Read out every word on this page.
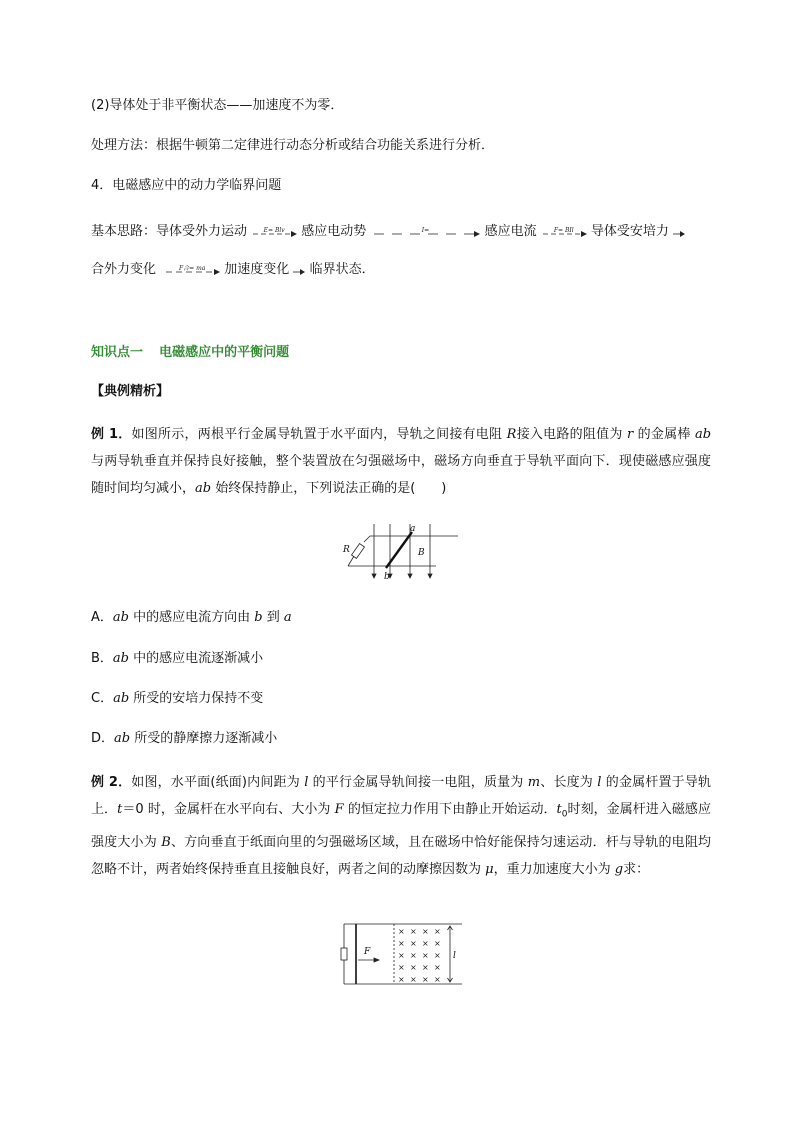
(2)导体处于非平衡状态——加速度不为零．
处理方法：根据牛顿第二定律进行动态分析或结合功能关系进行分析．
4．电磁感应中的动力学临界问题
基本思路：导体受外力运动	E= Blv	感应电动势	I=	感应电流	F= BIl	导体受安培力
合外力变化	F合= ma	加速度变化 临界状态．
知识点一 电磁感应中的平衡问题
【典例精析】
例 1．如图所示，两根平行金属导轨置于水平面内，导轨之间接有电阻 R接入电路的阻值为 r 的金属棒 ab 与两导轨垂直并保持良好接触，整个装置放在匀强磁场中，磁场方向垂直于导轨平面向下．现使磁感应强度随时间均匀减小，ab 始终保持静止，下列说法正确的是(　　)
R
a
b
B
A．ab 中的感应电流方向由 b 到 a
B．ab 中的感应电流逐渐减小
C．ab 所受的安培力保持不变
D．ab 所受的静摩擦力逐渐减小
例 2．如图，水平面(纸面)内间距为 l 的平行金属导轨间接一电阻，质量为 m、长度为 l 的金属杆置于导轨上．t＝0 时，金属杆在水平向右、大小为 F 的恒定拉力作用下由静止开始运动．$t_0$时刻，金属杆进入磁感应强度大小为 B、方向垂直于纸面向里的匀强磁场区域，且在磁场中恰好能保持匀速运动．杆与导轨的电阻均忽略不计，两者始终保持垂直且接触良好，两者之间的动摩擦因数为 μ，重力加速度大小为 g求：
F	l
× × × ×
× × × ×
× × × ×
× × × ×
× × × ×
